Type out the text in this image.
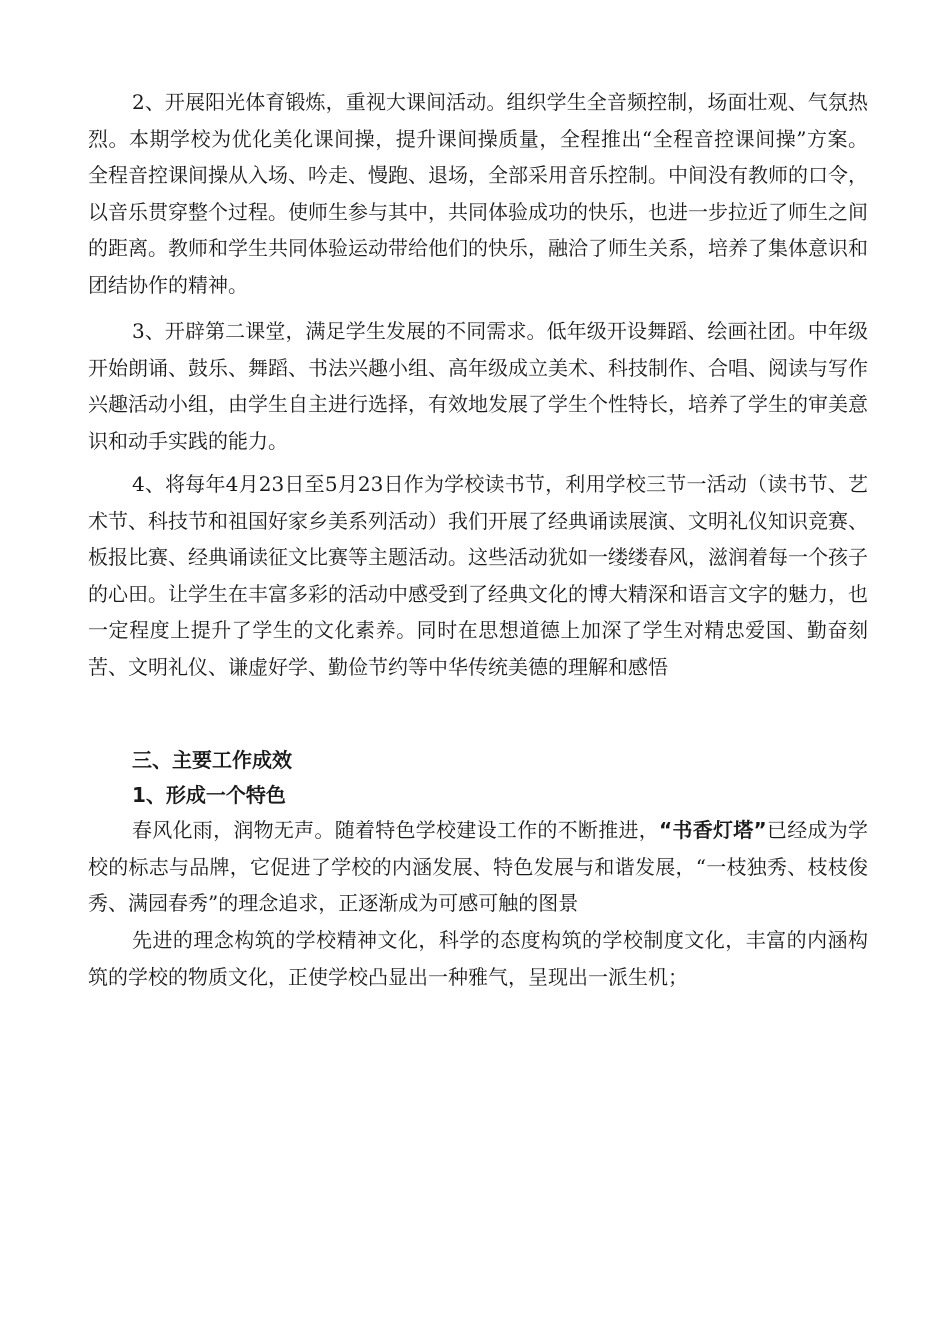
2、开展阳光体育锻炼，重视大课间活动。组织学生全音频控制，场面壮观、气氛热烈。本期学校为优化美化课间操，提升课间操质量，全程推出“全程音控课间操”方案。全程音控课间操从入场、吟走、慢跑、退场，全部采用音乐控制。中间没有教师的口令，以音乐贯穿整个过程。使师生参与其中，共同体验成功的快乐，也进一步拉近了师生之间的距离。教师和学生共同体验运动带给他们的快乐，融洽了师生关系，培养了集体意识和团结协作的精神。

3、开辟第二课堂，满足学生发展的不同需求。低年级开设舞蹈、绘画社团。中年级开始朗诵、鼓乐、舞蹈、书法兴趣小组、高年级成立美术、科技制作、合唱、阅读与写作兴趣活动小组，由学生自主进行选择，有效地发展了学生个性特长，培养了学生的审美意识和动手实践的能力。

4、将每年4月23日至5月23日作为学校读书节，利用学校三节一活动（读书节、艺术节、科技节和祖国好家乡美系列活动）我们开展了经典诵读展演、文明礼仪知识竞赛、板报比赛、经典诵读征文比赛等主题活动。这些活动犹如一缕缕春风，滋润着每一个孩子的心田。让学生在丰富多彩的活动中感受到了经典文化的博大精深和语言文字的魅力，也一定程度上提升了学生的文化素养。同时在思想道德上加深了学生对精忠爱国、勤奋刻苦、文明礼仪、谦虚好学、勤俭节约等中华传统美德的理解和感悟

三、主要工作成效
1、形成一个特色

春风化雨，润物无声。随着特色学校建设工作的不断推进，“书香灯塔”已经成为学校的标志与品牌，它促进了学校的内涵发展、特色发展与和谐发展，“一枝独秀、枝枝俊秀、满园春秀”的理念追求，正逐渐成为可感可触的图景

先进的理念构筑的学校精神文化，科学的态度构筑的学校制度文化，丰富的内涵构筑的学校的物质文化，正使学校凸显出一种雅气，呈现出一派生机；
